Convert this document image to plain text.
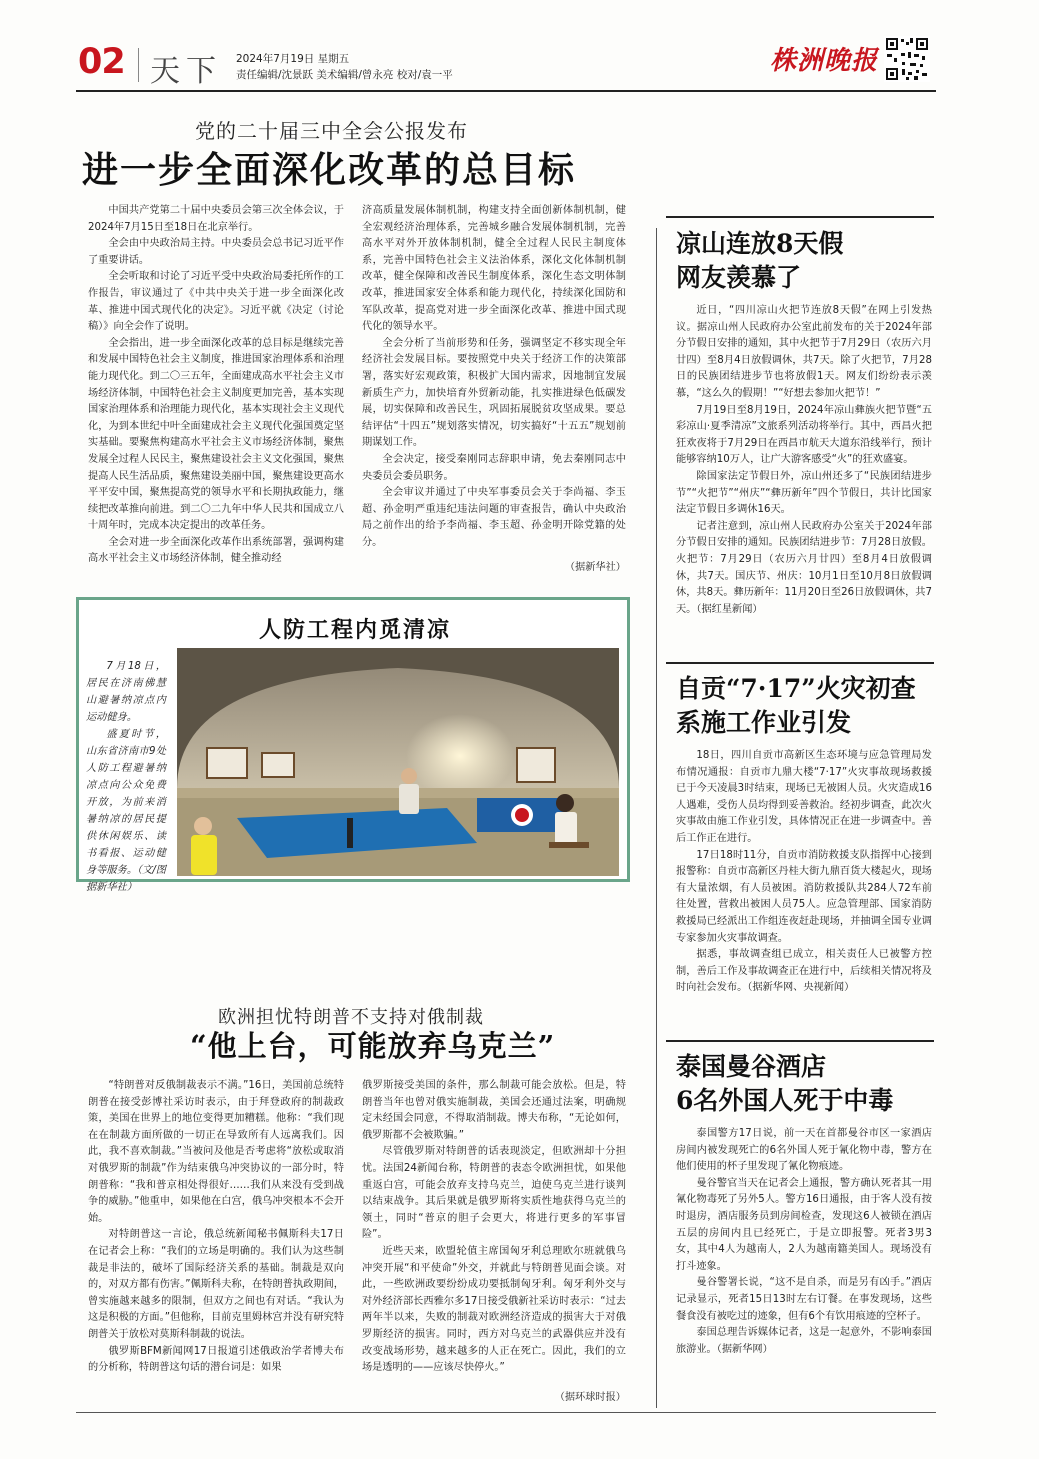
02 天下 2024年7月19日 星期五
责任编辑/沈景跃 美术编辑/曾永亮 校对/袁一平	株洲晚报
党的二十届三中全会公报发布
进一步全面深化改革的总目标

中国共产党第二十届中央委员会第三次全体会议，于2024年7月15日至18日在北京举行。

全会由中央政治局主持。中央委员会总书记习近平作了重要讲话。

全会听取和讨论了习近平受中央政治局委托所作的工作报告，审议通过了《中共中央关于进一步全面深化改革、推进中国式现代化的决定》。习近平就《决定（讨论稿）》向全会作了说明。

全会指出，进一步全面深化改革的总目标是继续完善和发展中国特色社会主义制度，推进国家治理体系和治理能力现代化。到二〇三五年，全面建成高水平社会主义市场经济体制，中国特色社会主义制度更加完善，基本实现国家治理体系和治理能力现代化，基本实现社会主义现代化，为到本世纪中叶全面建成社会主义现代化强国奠定坚实基础。要聚焦构建高水平社会主义市场经济体制，聚焦发展全过程人民民主，聚焦建设社会主义文化强国，聚焦提高人民生活品质，聚焦建设美丽中国，聚焦建设更高水平平安中国，聚焦提高党的领导水平和长期执政能力，继续把改革推向前进。到二〇二九年中华人民共和国成立八十周年时，完成本决定提出的改革任务。

全会对进一步全面深化改革作出系统部署，强调构建高水平社会主义市场经济体制，健全推动经

济高质量发展体制机制，构建支持全面创新体制机制，健全宏观经济治理体系，完善城乡融合发展体制机制，完善高水平对外开放体制机制，健全全过程人民民主制度体系，完善中国特色社会主义法治体系，深化文化体制机制改革，健全保障和改善民生制度体系，深化生态文明体制改革，推进国家安全体系和能力现代化，持续深化国防和军队改革，提高党对进一步全面深化改革、推进中国式现代化的领导水平。

全会分析了当前形势和任务，强调坚定不移实现全年经济社会发展目标。要按照党中央关于经济工作的决策部署，落实好宏观政策，积极扩大国内需求，因地制宜发展新质生产力，加快培育外贸新动能，扎实推进绿色低碳发展，切实保障和改善民生，巩固拓展脱贫攻坚成果。要总结评估“十四五”规划落实情况，切实搞好“十五五”规划前期谋划工作。

全会决定，接受秦刚同志辞职申请，免去秦刚同志中央委员会委员职务。

全会审议并通过了中央军事委员会关于李尚福、李玉超、孙金明严重违纪违法问题的审查报告，确认中央政治局之前作出的给予李尚福、李玉超、孙金明开除党籍的处分。

（据新华社）
人防工程内觅清凉

7月18日，居民在济南佛慧山避暑纳凉点内运动健身。

盛夏时节，山东省济南市9处人防工程避暑纳凉点向公众免费开放，为前来消暑纳凉的居民提供休闲娱乐、读书看报、运动健身等服务。（文/图据新华社）

欧洲担忧特朗普不支持对俄制裁
“他上台，可能放弃乌克兰”

“特朗普对反俄制裁表示不满。”16日，美国前总统特朗普在接受彭博社采访时表示，由于拜登政府的制裁政策，美国在世界上的地位变得更加糟糕。他称：“我们现在在制裁方面所做的一切正在导致所有人远离我们。因此，我不喜欢制裁。”当被问及他是否考虑将“放松或取消对俄罗斯的制裁”作为结束俄乌冲突协议的一部分时，特朗普称：“我和普京相处得很好……我们从来没有受到战争的威胁。”他重申，如果他在白宫，俄乌冲突根本不会开始。

对特朗普这一言论，俄总统新闻秘书佩斯科夫17日在记者会上称：“我们的立场是明确的。我们认为这些制裁是非法的，破坏了国际经济关系的基础。制裁是双向的，对双方都有伤害。”佩斯科夫称，在特朗普执政期间，曾实施越来越多的限制，但双方之间也有对话。“我认为这是积极的方面。”但他称，目前克里姆林宫并没有研究特朗普关于放松对莫斯科制裁的说法。

俄罗斯BFM新闻网17日报道引述俄政治学者博夫布的分析称，特朗普这句话的潜台词是：如果

俄罗斯接受美国的条件，那么制裁可能会放松。但是，特朗普当年也曾对俄实施制裁，美国会还通过法案，明确规定未经国会同意，不得取消制裁。博夫布称，“无论如何，俄罗斯都不会被欺骗。”

尽管俄罗斯对特朗普的话表现淡定，但欧洲却十分担忧。法国24新闻台称，特朗普的表态令欧洲担忧，如果他重返白宫，可能会放弃支持乌克兰，迫使乌克兰进行谈判以结束战争。其后果就是俄罗斯将实质性地获得乌克兰的领土，同时“普京的胆子会更大，将进行更多的军事冒险”。

近些天来，欧盟轮值主席国匈牙利总理欧尔班就俄乌冲突开展“和平使命”外交，并就此与特朗普见面会谈。对此，一些欧洲政要纷纷成功要抵制匈牙利。匈牙利外交与对外经济部长西雅尔多17日接受俄新社采访时表示：“过去两年半以来，失败的制裁对欧洲经济造成的损害大于对俄罗斯经济的损害。同时，西方对乌克兰的武器供应并没有改变战场形势，越来越多的人正在死亡。因此，我们的立场是透明的——应该尽快停火。”

（据环球时报）
凉山连放8天假
网友羡慕了

近日，“四川凉山火把节连放8天假”在网上引发热议。据凉山州人民政府办公室此前发布的关于2024年部分节假日安排的通知，其中火把节于7月29日（农历六月廿四）至8月4日放假调休，共7天。除了火把节，7月28日的民族团结进步节也将放假1天。网友们纷纷表示羡慕，“这么久的假期！”“好想去参加火把节！”

7月19日至8月19日，2024年凉山彝族火把节暨“五彩凉山·夏季清凉”文旅系列活动将举行。其中，西昌火把狂欢夜将于7月29日在西昌市航天大道东沿线举行，预计能够容纳10万人，让广大游客感受“火”的狂欢盛宴。

除国家法定节假日外，凉山州还多了“民族团结进步节”“火把节”“州庆”“彝历新年”四个节假日，共计比国家法定节假日多调休16天。

记者注意到，凉山州人民政府办公室关于2024年部分节假日安排的通知。民族团结进步节：7月28日放假。火把节：7月29日（农历六月廿四）至8月4日放假调休，共7天。国庆节、州庆：10月1日至10月8日放假调休，共8天。彝历新年：11月20日至26日放假调休，共7天。（据红星新闻）

自贡“7·17”火灾初查
系施工作业引发

18日，四川自贡市高新区生态环境与应急管理局发布情况通报：自贡市九鼎大楼“7·17”火灾事故现场救援已于今天凌晨3时结束，现场已无被困人员。火灾造成16人遇难，受伤人员均得到妥善救治。经初步调查，此次火灾事故由施工作业引发，具体情况正在进一步调查中。善后工作正在进行。

17日18时11分，自贡市消防救援支队指挥中心接到报警称：自贡市高新区丹桂大街九鼎百货大楼起火，现场有大量浓烟，有人员被困。消防救援队共284人72车前往处置，营救出被困人员75人。应急管理部、国家消防救援局已经派出工作组连夜赶赴现场，并抽调全国专业调专家参加火灾事故调查。

据悉，事故调查组已成立，相关责任人已被警方控制，善后工作及事故调查正在进行中，后续相关情况将及时向社会发布。（据新华网、央视新闻）

泰国曼谷酒店
6名外国人死于中毒

泰国警方17日说，前一天在首都曼谷市区一家酒店房间内被发现死亡的6名外国人死于氰化物中毒，警方在他们使用的杯子里发现了氰化物痕迹。

曼谷警官当天在记者会上通报，警方确认死者其一用氰化物毒死了另外5人。警方16日通报，由于客人没有按时退房，酒店服务员到房间检查，发现这6人被锁在酒店五层的房间内且已经死亡，于是立即报警。死者3男3女，其中4人为越南人，2人为越南籍美国人。现场没有打斗迹象。

曼谷警署长说，“这不是自杀，而是另有凶手。”酒店记录显示，死者15日13时左右订餐。在事发现场，这些餐食没有被吃过的迹象，但有6个有饮用痕迹的空杯子。

泰国总理告诉媒体记者，这是一起意外，不影响泰国旅游业。（据新华网）
